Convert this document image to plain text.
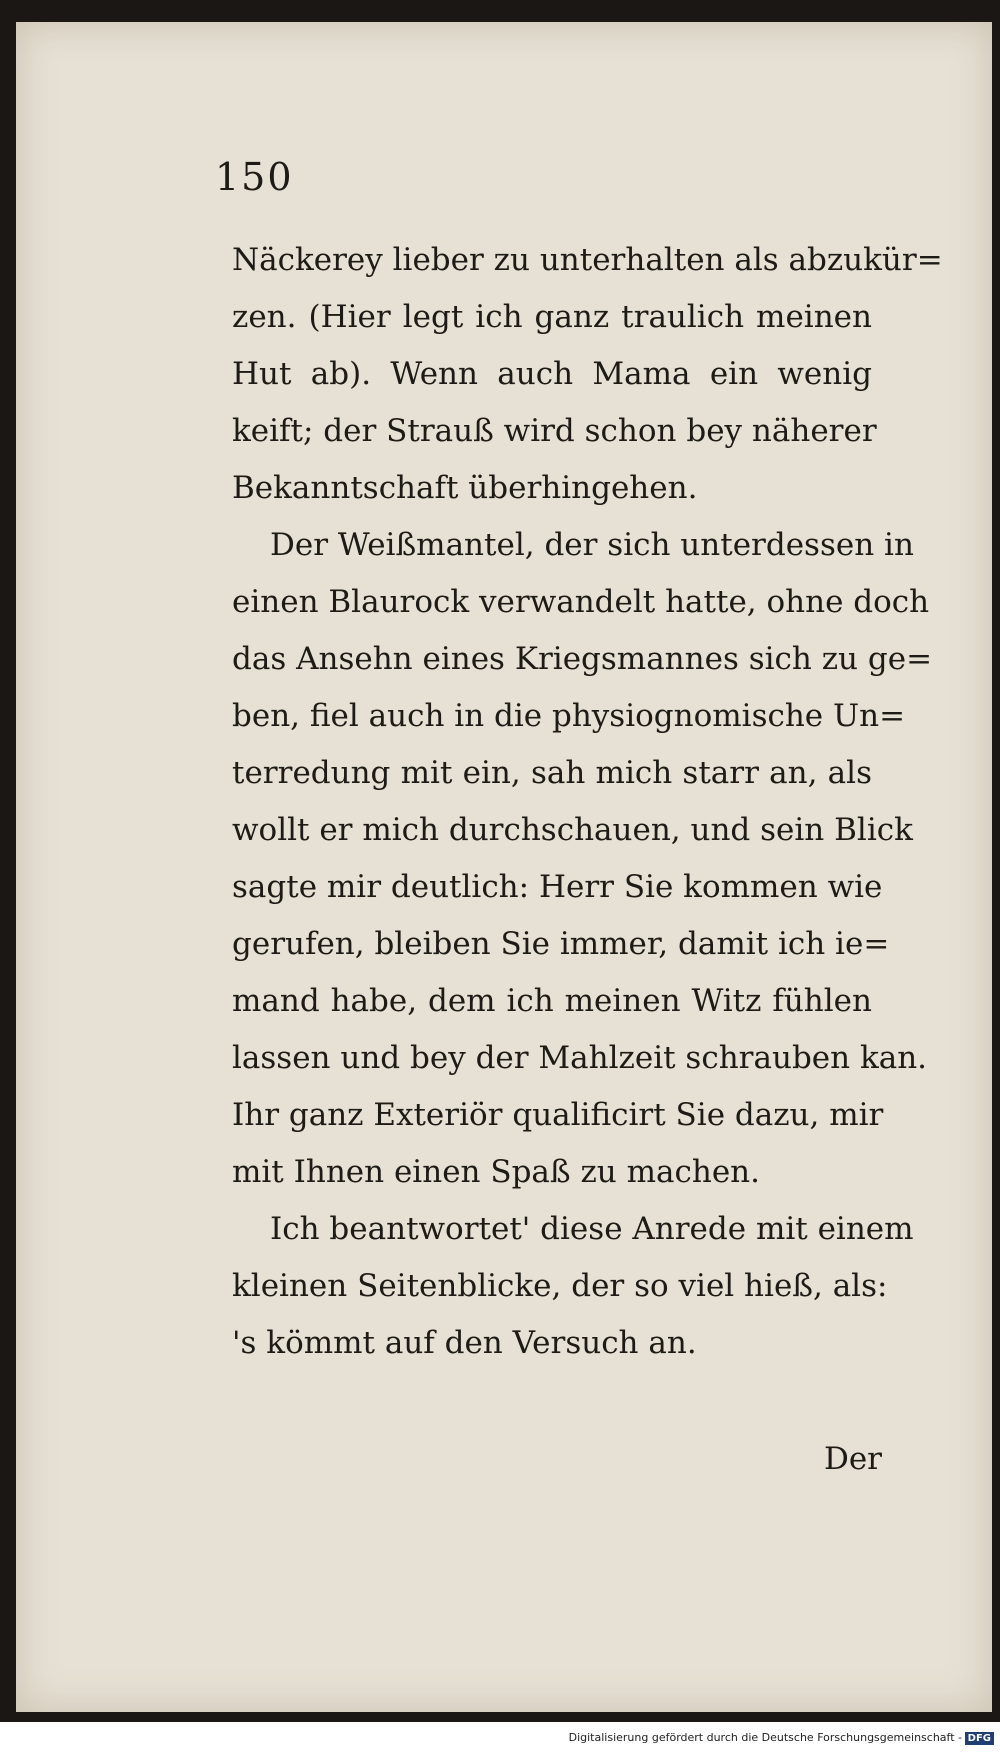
150
Näckerey lieber zu unterhalten als abzukür=
zen. (Hier legt ich ganz traulich meinen
Hut ab). Wenn auch Mama ein wenig
keift; der Strauß wird schon bey näherer
Bekanntschaft überhingehen.
Der Weißmantel, der sich unterdessen in
einen Blaurock verwandelt hatte, ohne doch
das Ansehn eines Kriegsmannes sich zu ge=
ben, fiel auch in die physiognomische Un=
terredung mit ein, sah mich starr an, als
wollt er mich durchschauen, und sein Blick
sagte mir deutlich: Herr Sie kommen wie
gerufen, bleiben Sie immer, damit ich ie=
mand habe, dem ich meinen Witz fühlen
lassen und bey der Mahlzeit schrauben kan.
Ihr ganz Exteriör qualificirt Sie dazu, mir
mit Ihnen einen Spaß zu machen.
Ich beantwortet' diese Anrede mit einem
kleinen Seitenblicke, der so viel hieß, als:
's kömmt auf den Versuch an.
Der
Digitalisierung gefördert durch die Deutsche Forschungsgemeinschaft - DFG
